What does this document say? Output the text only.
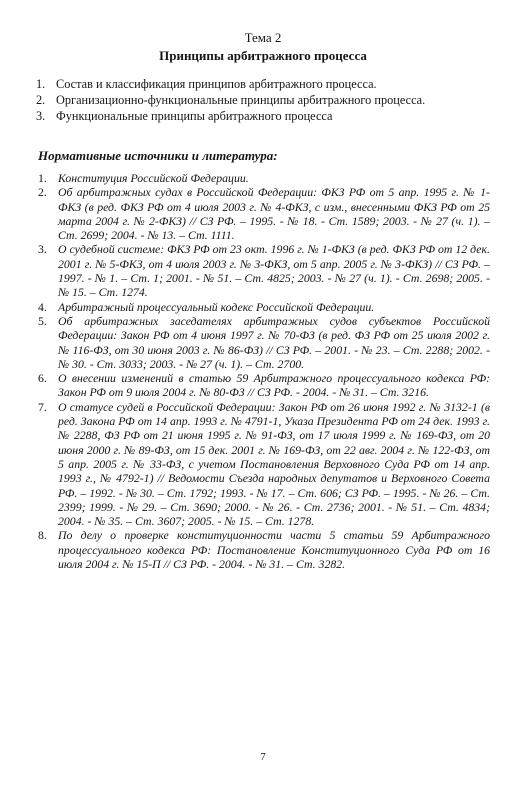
Тема 2
Принципы арбитражного процесса
1. Состав и классификация принципов арбитражного процесса.
2. Организационно-функциональные принципы арбитражного процесса.
3. Функциональные принципы арбитражного процесса
Нормативные источники и литература:
1. Конституция Российской Федерации.
2. Об арбитражных судах в Российской Федерации: ФКЗ РФ от 5 апр. 1995 г. № 1-ФКЗ (в ред. ФКЗ РФ от 4 июля 2003 г. № 4-ФКЗ, с изм., внесенными ФКЗ РФ от 25 марта 2004 г. № 2-ФКЗ) // СЗ РФ. – 1995. - № 18. - Ст. 1589; 2003. - № 27 (ч. 1). – Ст. 2699; 2004. - № 13. – Ст. 1111.
3. О судебной системе: ФКЗ РФ от 23 окт. 1996 г. № 1-ФКЗ (в ред. ФКЗ РФ от 12 дек. 2001 г. № 5-ФКЗ, от 4 июля 2003 г. № 3-ФКЗ, от 5 апр. 2005 г. № 3-ФКЗ) // СЗ РФ. – 1997. - № 1. – Ст. 1; 2001. - № 51. – Ст. 4825; 2003. - № 27 (ч. 1). - Ст. 2698; 2005. - № 15. – Ст. 1274.
4. Арбитражный процессуальный кодекс Российской Федерации.
5. Об арбитражных заседателях арбитражных судов субъектов Российской Федерации: Закон РФ от 4 июня 1997 г. № 70-ФЗ (в ред. ФЗ РФ от 25 июля 2002 г. № 116-ФЗ, от 30 июня 2003 г. № 86-ФЗ) // СЗ РФ. – 2001. - № 23. – Ст. 2288; 2002. - № 30. - Ст. 3033; 2003. - № 27 (ч. 1). – Ст. 2700.
6. О внесении изменений в статью 59 Арбитражного процессуального кодекса РФ: Закон РФ от 9 июля 2004 г. № 80-ФЗ // СЗ РФ. - 2004. - № 31. – Ст. 3216.
7. О статусе судей в Российской Федерации: Закон РФ от 26 июня 1992 г. № 3132-1 (в ред. Закона РФ от 14 апр. 1993 г. № 4791-1, Указа Президента РФ от 24 дек. 1993 г. № 2288, ФЗ РФ от 21 июня 1995 г. № 91-ФЗ, от 17 июля 1999 г. № 169-ФЗ, от 20 июня 2000 г. № 89-ФЗ, от 15 дек. 2001 г. № 169-ФЗ, от 22 авг. 2004 г. № 122-ФЗ, от 5 апр. 2005 г. № 33-ФЗ, с учетом Постановления Верховного Суда РФ от 14 апр. 1993 г., № 4792-1) // Ведомости Съезда народных депутатов и Верховного Совета РФ. – 1992. - № 30. – Ст. 1792; 1993. - № 17. – Ст. 606; СЗ РФ. – 1995. - № 26. – Ст. 2399; 1999. - № 29. – Ст. 3690; 2000. - № 26. - Ст. 2736; 2001. - № 51. – Ст. 4834; 2004. - № 35. – Ст. 3607; 2005. - № 15. – Ст. 1278.
8. По делу о проверке конституционности части 5 статьи 59 Арбитражного процессуального кодекса РФ: Постановление Конституционного Суда РФ от 16 июля 2004 г. № 15-П // СЗ РФ. - 2004. - № 31. – Ст. 3282.
7
